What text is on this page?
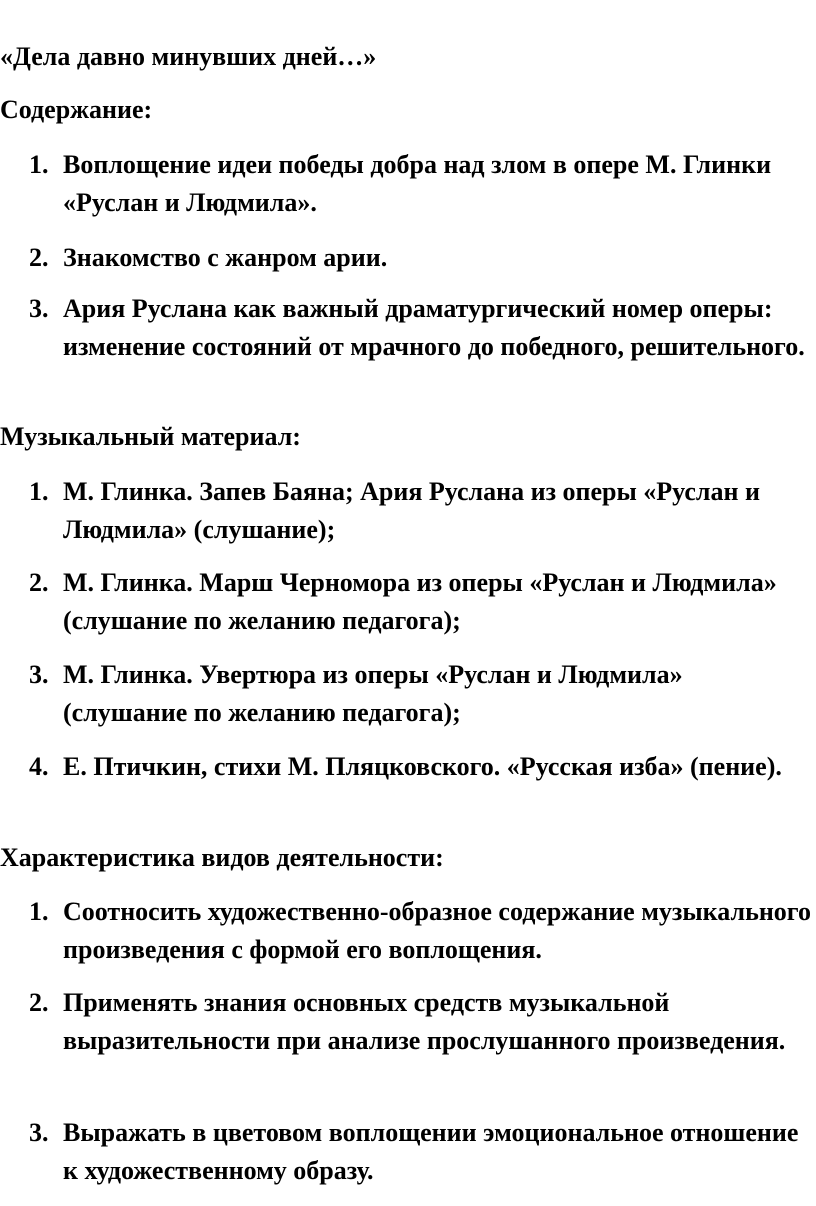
«Дела давно минувших дней…»
Содержание:
1. Воплощение идеи победы добра над злом в опере М. Глинки «Руслан и Людмила».
2. Знакомство с жанром арии.
3. Ария Руслана как важный драматургический номер оперы: изменение состояний от мрачного до победного, решительного.
Музыкальный материал:
1. М. Глинка. Запев Баяна; Ария Руслана из оперы «Руслан и Людмила» (слушание);
2. М. Глинка. Марш Черномора из оперы «Руслан и Людмила» (слушание по желанию педагога);
3. М. Глинка. Увертюра из оперы «Руслан и Людмила» (слушание по желанию педагога);
4. Е. Птичкин, стихи М. Пляцковского. «Русская изба» (пение).
Характеристика видов деятельности:
1. Соотносить художественно-образное содержание музыкального произведения с формой его воплощения.
2. Применять знания основных средств музыкальной выразительности при анализе прослушанного произведения.
3. Выражать в цветовом воплощении эмоциональное отношение к художественному образу.
